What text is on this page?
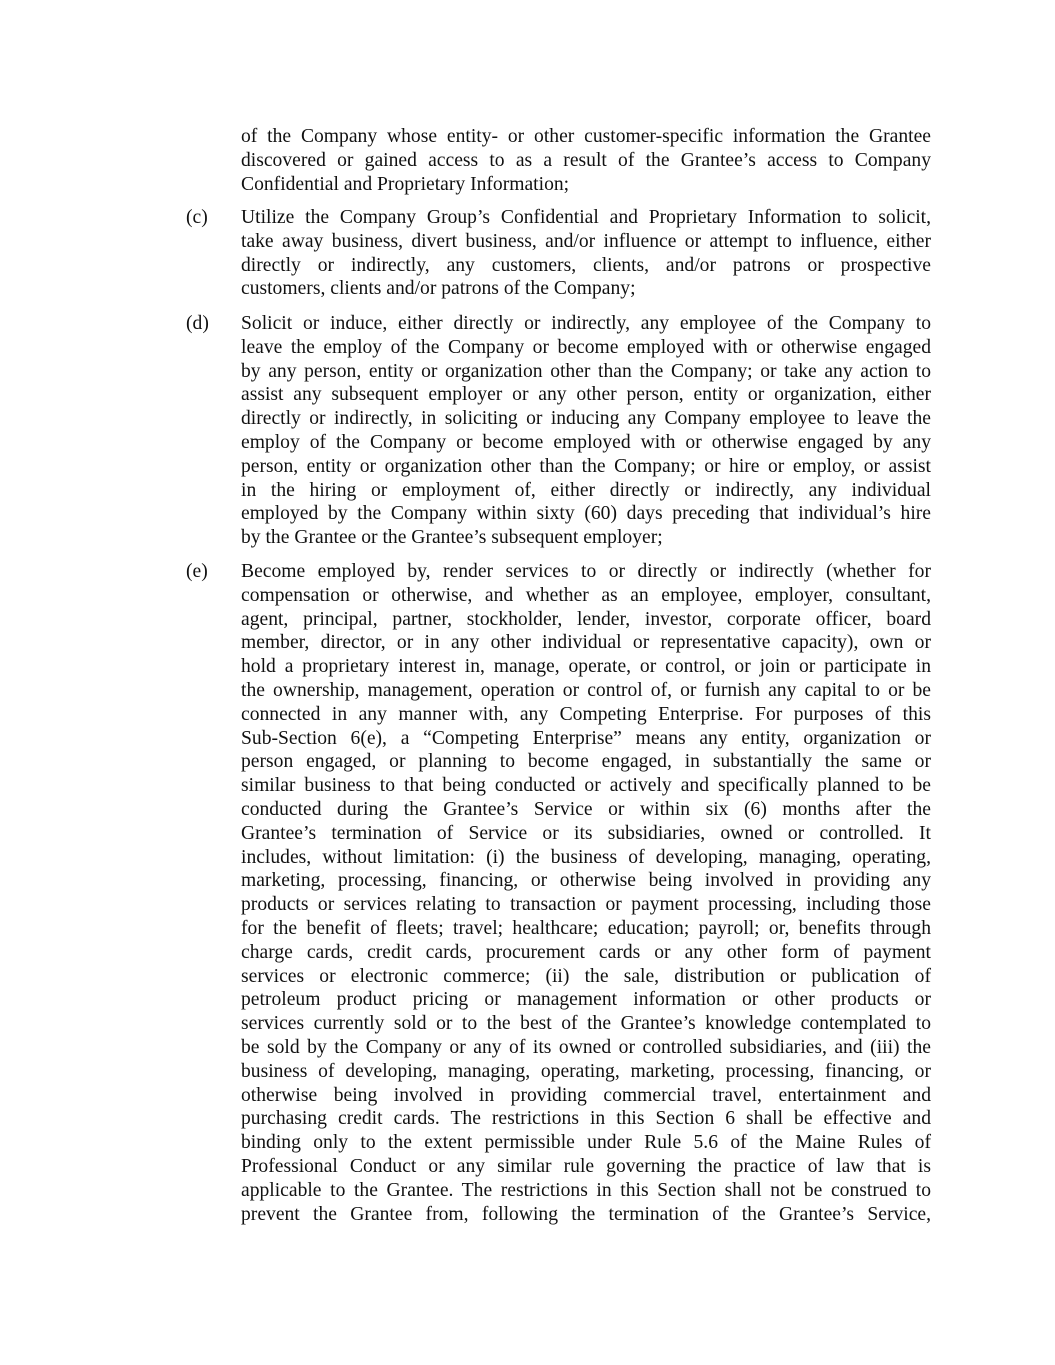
of the Company whose entity- or other customer-specific information the Grantee
discovered or gained access to as a result of the Grantee’s access to Company
Confidential and Proprietary Information;
(c) Utilize the Company Group’s Confidential and Proprietary Information to solicit,
take away business, divert business, and/or influence or attempt to influence, either
directly or indirectly, any customers, clients, and/or patrons or prospective
customers, clients and/or patrons of the Company;
(d) Solicit or induce, either directly or indirectly, any employee of the Company to
leave the employ of the Company or become employed with or otherwise engaged
by any person, entity or organization other than the Company; or take any action to
assist any subsequent employer or any other person, entity or organization, either
directly or indirectly, in soliciting or inducing any Company employee to leave the
employ of the Company or become employed with or otherwise engaged by any
person, entity or organization other than the Company; or hire or employ, or assist
in the hiring or employment of, either directly or indirectly, any individual
employed by the Company within sixty (60) days preceding that individual’s hire
by the Grantee or the Grantee’s subsequent employer;
(e) Become employed by, render services to or directly or indirectly (whether for
compensation or otherwise, and whether as an employee, employer, consultant,
agent, principal, partner, stockholder, lender, investor, corporate officer, board
member, director, or in any other individual or representative capacity), own or
hold a proprietary interest in, manage, operate, or control, or join or participate in
the ownership, management, operation or control of, or furnish any capital to or be
connected in any manner with, any Competing Enterprise. For purposes of this
Sub-Section 6(e), a “Competing Enterprise” means any entity, organization or
person engaged, or planning to become engaged, in substantially the same or
similar business to that being conducted or actively and specifically planned to be
conducted during the Grantee’s Service or within six (6) months after the
Grantee’s termination of Service or its subsidiaries, owned or controlled. It
includes, without limitation: (i) the business of developing, managing, operating,
marketing, processing, financing, or otherwise being involved in providing any
products or services relating to transaction or payment processing, including those
for the benefit of fleets; travel; healthcare; education; payroll; or, benefits through
charge cards, credit cards, procurement cards or any other form of payment
services or electronic commerce; (ii) the sale, distribution or publication of
petroleum product pricing or management information or other products or
services currently sold or to the best of the Grantee’s knowledge contemplated to
be sold by the Company or any of its owned or controlled subsidiaries, and (iii) the
business of developing, managing, operating, marketing, processing, financing, or
otherwise being involved in providing commercial travel, entertainment and
purchasing credit cards. The restrictions in this Section 6 shall be effective and
binding only to the extent permissible under Rule 5.6 of the Maine Rules of
Professional Conduct or any similar rule governing the practice of law that is
applicable to the Grantee. The restrictions in this Section shall not be construed to
prevent the Grantee from, following the termination of the Grantee’s Service,
